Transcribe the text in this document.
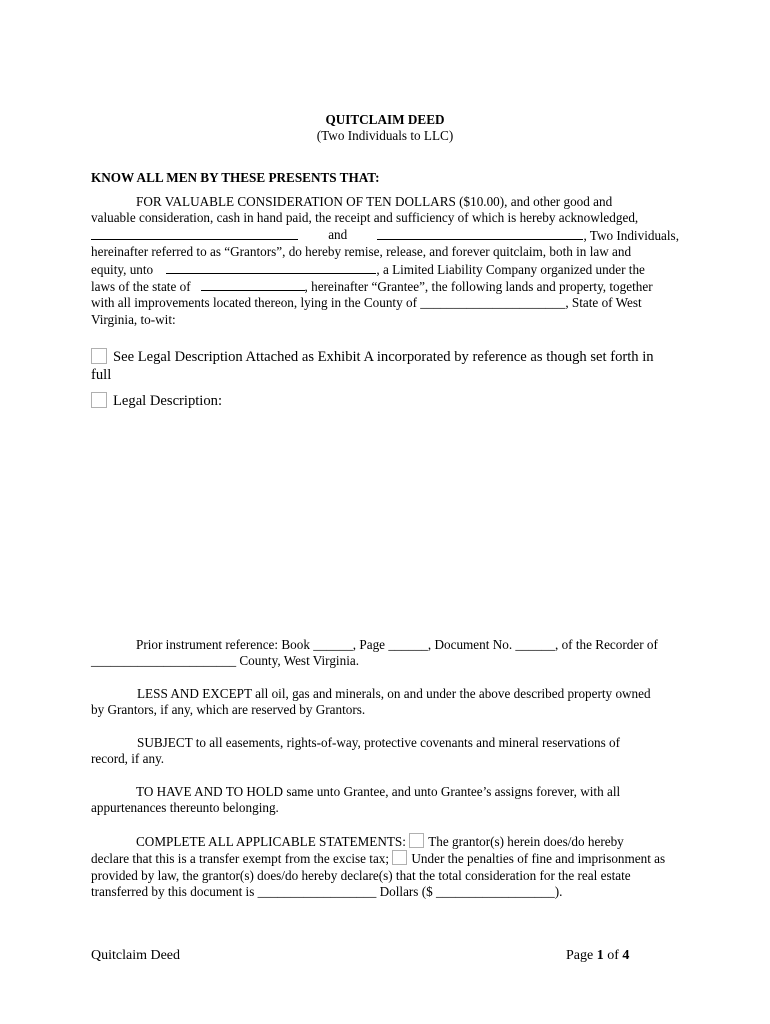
QUITCLAIM DEED
(Two Individuals to LLC)
KNOW ALL MEN BY THESE PRESENTS THAT:
FOR VALUABLE CONSIDERATION OF TEN DOLLARS ($10.00), and other good and
valuable consideration, cash in hand paid, the receipt and sufficiency of which is hereby acknowledged,
and	, Two Individuals,
hereinafter referred to as “Grantors”, do hereby remise, release, and forever quitclaim, both in law and
equity, unto	, a Limited Liability Company organized under the
laws of the state of	, hereinafter “Grantee”, the following lands and property, together
with all improvements located thereon, lying in the County of ______________________, State of West
Virginia, to-wit:
See Legal Description Attached as Exhibit A incorporated by reference as though set forth in
full
Legal Description:
Prior instrument reference: Book ______, Page ______, Document No. ______, of the Recorder of
______________________ County, West Virginia.
LESS AND EXCEPT all oil, gas and minerals, on and under the above described property owned
by Grantors, if any, which are reserved by Grantors.
SUBJECT to all easements, rights-of-way, protective covenants and mineral reservations of
record, if any.
TO HAVE AND TO HOLD same unto Grantee, and unto Grantee’s assigns forever, with all
appurtenances thereunto belonging.
COMPLETE ALL APPLICABLE STATEMENTS: The grantor(s) herein does/do hereby
declare that this is a transfer exempt from the excise tax; Under the penalties of fine and imprisonment as
provided by law, the grantor(s) does/do hereby declare(s) that the total consideration for the real estate
transferred by this document is __________________ Dollars ($ __________________).
Quitclaim Deed	Page 1 of 4
